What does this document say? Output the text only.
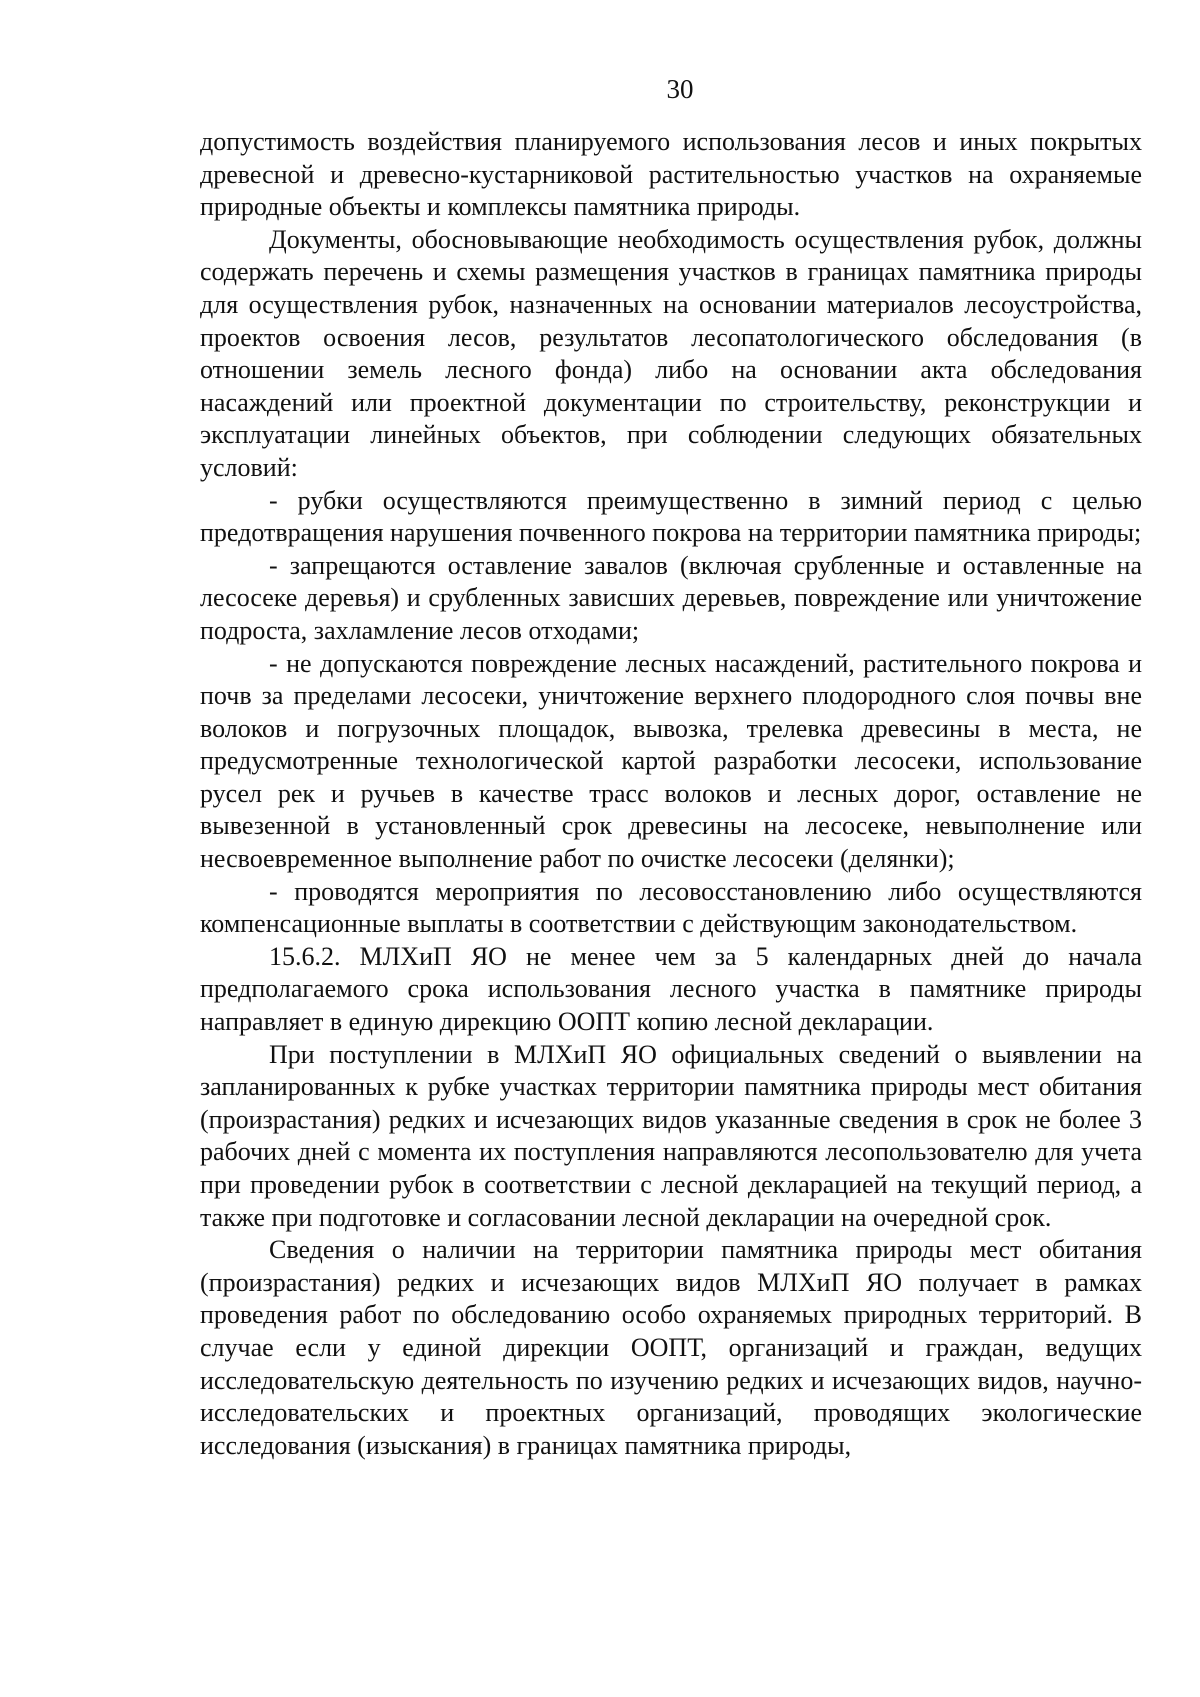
30

допустимость воздействия планируемого использования лесов и иных покрытых древесной и древесно-кустарниковой растительностью участков на охраняемые природные объекты и комплексы памятника природы.

Документы, обосновывающие необходимость осуществления рубок, должны содержать перечень и схемы размещения участков в границах памятника природы для осуществления рубок, назначенных на основании материалов лесоустройства, проектов освоения лесов, результатов лесопатологического обследования (в отношении земель лесного фонда) либо на основании акта обследования насаждений или проектной документации по строительству, реконструкции и эксплуатации линейных объектов, при соблюдении следующих обязательных условий:

- рубки осуществляются преимущественно в зимний период с целью предотвращения нарушения почвенного покрова на территории памятника природы;

- запрещаются оставление завалов (включая срубленные и оставленные на лесосеке деревья) и срубленных зависших деревьев, повреждение или уничтожение подроста, захламление лесов отходами;

- не допускаются повреждение лесных насаждений, растительного покрова и почв за пределами лесосеки, уничтожение верхнего плодородного слоя почвы вне волоков и погрузочных площадок, вывозка, трелевка древесины в места, не предусмотренные технологической картой разработки лесосеки, использование русел рек и ручьев в качестве трасс волоков и лесных дорог, оставление не вывезенной в установленный срок древесины на лесосеке, невыполнение или несвоевременное выполнение работ по очистке лесосеки (делянки);

- проводятся мероприятия по лесовосстановлению либо осуществляются компенсационные выплаты в соответствии с действующим законодательством.

15.6.2. МЛХиП ЯО не менее чем за 5 календарных дней до начала предполагаемого срока использования лесного участка в памятнике природы направляет в единую дирекцию ООПТ копию лесной декларации.

При поступлении в МЛХиП ЯО официальных сведений о выявлении на запланированных к рубке участках территории памятника природы мест обитания (произрастания) редких и исчезающих видов указанные сведения в срок не более 3 рабочих дней с момента их поступления направляются лесопользователю для учета при проведении рубок в соответствии с лесной декларацией на текущий период, а также при подготовке и согласовании лесной декларации на очередной срок.

Сведения о наличии на территории памятника природы мест обитания (произрастания) редких и исчезающих видов МЛХиП ЯО получает в рамках проведения работ по обследованию особо охраняемых природных территорий. В случае если у единой дирекции ООПТ, организаций и граждан, ведущих исследовательскую деятельность по изучению редких и исчезающих видов, научно-исследовательских и проектных организаций, проводящих экологические исследования (изыскания) в границах памятника природы,
